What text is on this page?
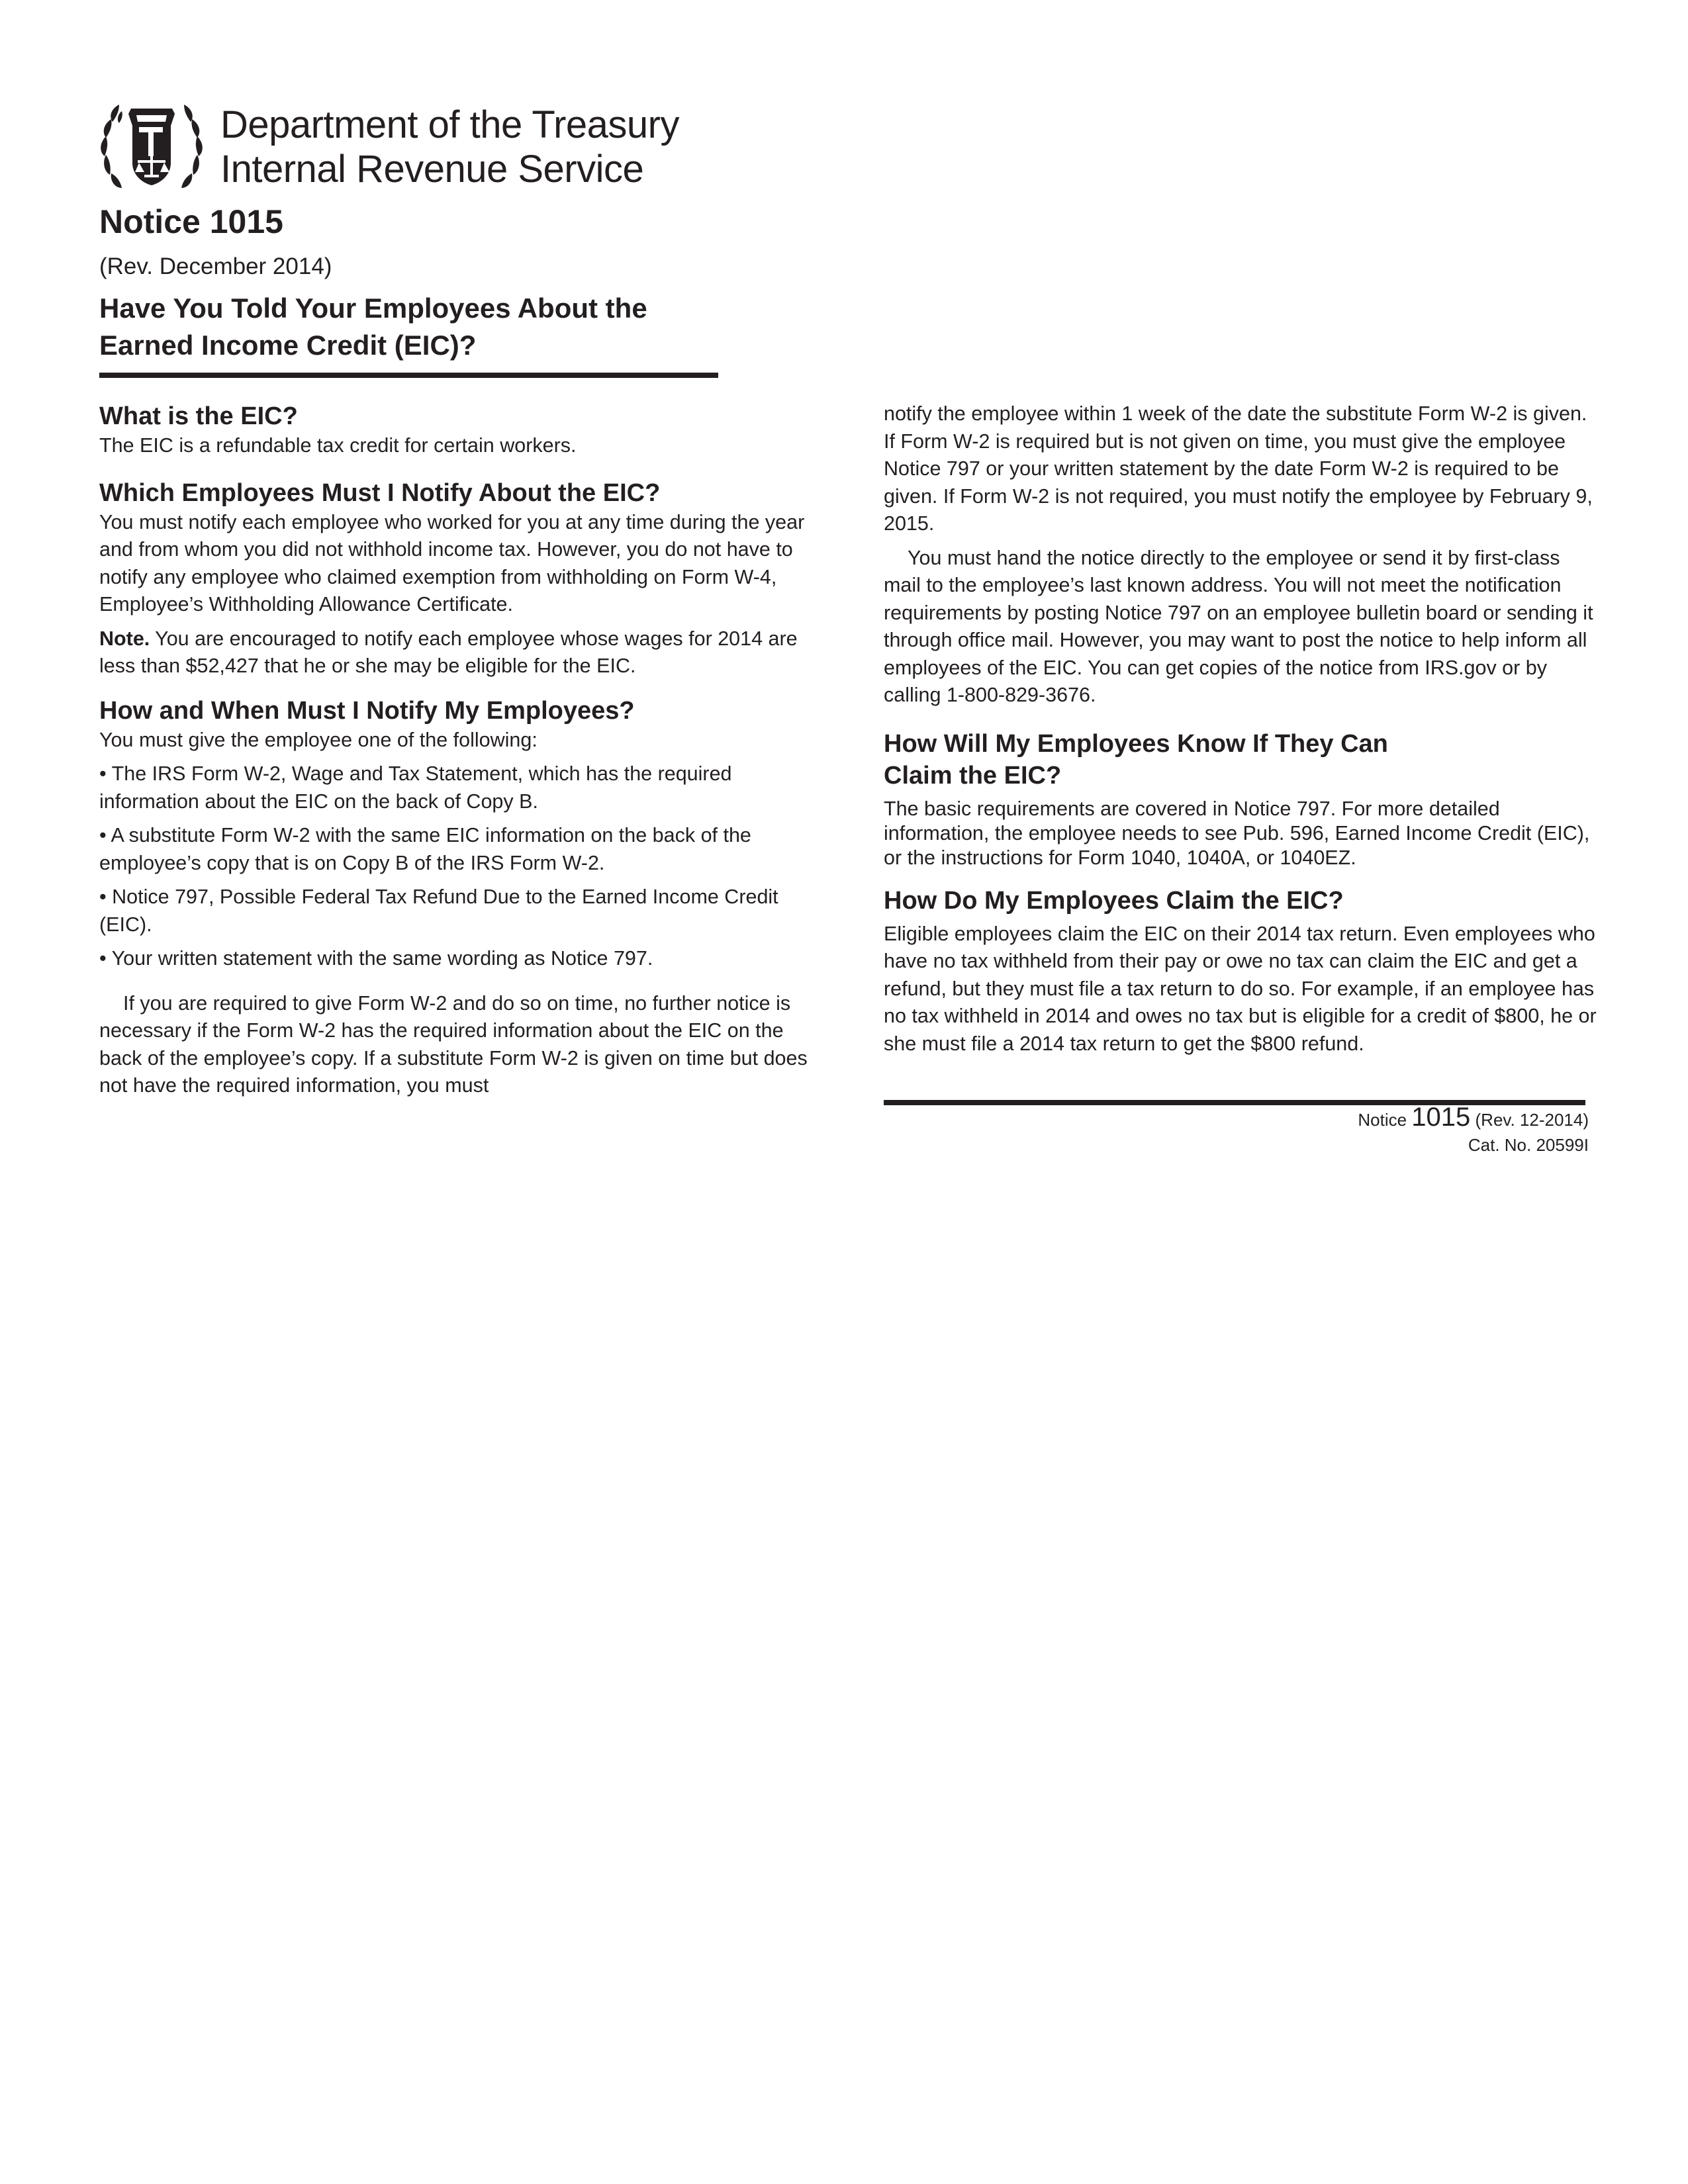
Department of the Treasury
Internal Revenue Service
Notice 1015
(Rev. December 2014)
Have You Told Your Employees About the
Earned Income Credit (EIC)?
What is the EIC?

The EIC is a refundable tax credit for certain workers.

Which Employees Must I Notify About the EIC?

You must notify each employee who worked for you at any time during the year and from whom you did not withhold income tax. However, you do not have to notify any employee who claimed exemption from withholding on Form W-4, Employee’s Withholding Allowance Certificate.

Note. You are encouraged to notify each employee whose wages for 2014 are less than $52,427 that he or she may be eligible for the EIC.

How and When Must I Notify My Employees?

You must give the employee one of the following:

• The IRS Form W-2, Wage and Tax Statement, which has the required information about the EIC on the back of Copy B.

• A substitute Form W-2 with the same EIC information on the back of the employee’s copy that is on Copy B of the IRS Form W-2.

• Notice 797, Possible Federal Tax Refund Due to the Earned Income Credit (EIC).

• Your written statement with the same wording as Notice 797.

If you are required to give Form W-2 and do so on time, no further notice is necessary if the Form W-2 has the required information about the EIC on the back of the employee’s copy. If a substitute Form W-2 is given on time but does not have the required information, you must

notify the employee within 1 week of the date the substitute Form W-2 is given. If Form W-2 is required but is not given on time, you must give the employee Notice 797 or your written statement by the date Form W-2 is required to be given. If Form W-2 is not required, you must notify the employee by February 9, 2015.

You must hand the notice directly to the employee or send it by first-class mail to the employee’s last known address. You will not meet the notification requirements by posting Notice 797 on an employee bulletin board or sending it through office mail. However, you may want to post the notice to help inform all employees of the EIC. You can get copies of the notice from IRS.gov or by calling 1-800-829-3676.

How Will My Employees Know If They Can
Claim the EIC?

The basic requirements are covered in Notice 797. For more detailed information, the employee needs to see Pub. 596, Earned Income Credit (EIC), or the instructions for Form 1040, 1040A, or 1040EZ.

How Do My Employees Claim the EIC?

Eligible employees claim the EIC on their 2014 tax return. Even employees who have no tax withheld from their pay or owe no tax can claim the EIC and get a refund, but they must file a tax return to do so. For example, if an employee has no tax withheld in 2014 and owes no tax but is eligible for a credit of $800, he or she must file a 2014 tax return to get the $800 refund.

Notice 1015 (Rev. 12-2014)
Cat. No. 20599I
